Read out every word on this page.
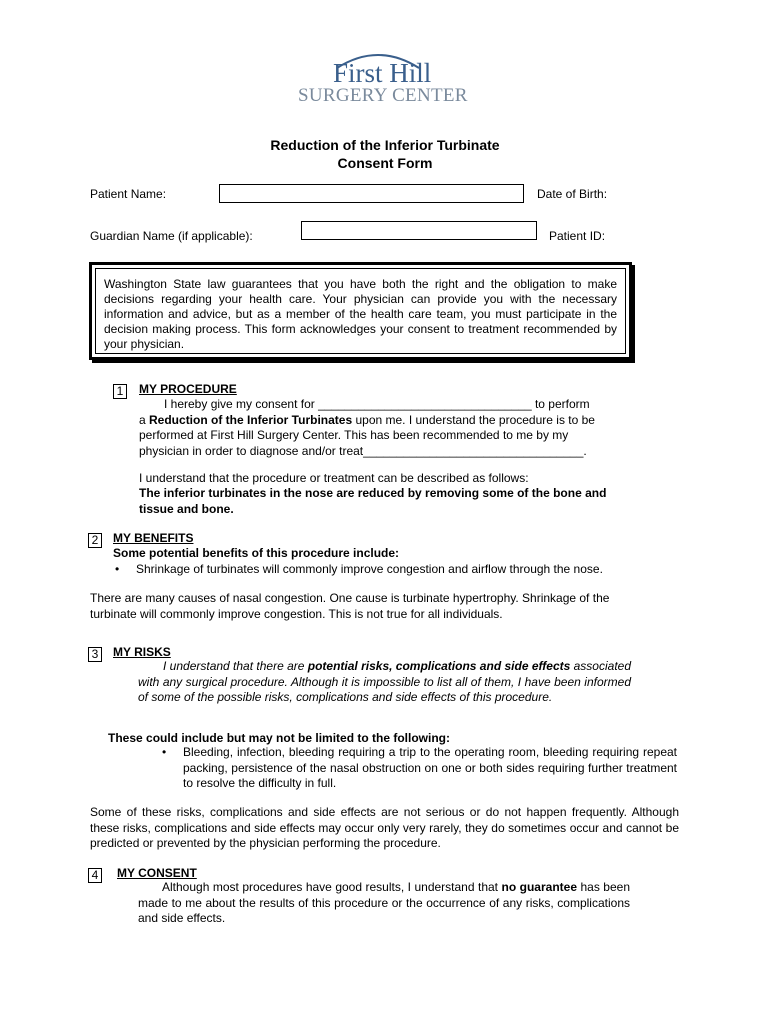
First Hill
SURGERY CENTER
Reduction of the Inferior Turbinate
Consent Form
Patient Name:	Date of Birth:
Guardian Name (if applicable):	Patient ID:
Washington State law guarantees that you have both the right and the obligation to make decisions regarding your health care. Your physician can provide you with the necessary information and advice, but as a member of the health care team, you must participate in the decision making process. This form acknowledges your consent to treatment recommended by your physician.
1	MY PROCEDURE
I hereby give my consent for ________________________________ to perform
a Reduction of the Inferior Turbinates upon me. I understand the procedure is to be
performed at First Hill Surgery Center. This has been recommended to me by my
physician in order to diagnose and/or treat_________________________________.
I understand that the procedure or treatment can be described as follows:
The inferior turbinates in the nose are reduced by removing some of the bone and tissue and bone.
2	MY BENEFITS
Some potential benefits of this procedure include:
• Shrinkage of turbinates will commonly improve congestion and airflow through the nose.
There are many causes of nasal congestion. One cause is turbinate hypertrophy. Shrinkage of the turbinate will commonly improve congestion. This is not true for all individuals.
3	MY RISKS
I understand that there are potential risks, complications and side effects associated with any surgical procedure. Although it is impossible to list all of them, I have been informed of some of the possible risks, complications and side effects of this procedure.
These could include but may not be limited to the following:
• Bleeding, infection, bleeding requiring a trip to the operating room, bleeding requiring repeat packing, persistence of the nasal obstruction on one or both sides requiring further treatment to resolve the difficulty in full.
Some of these risks, complications and side effects are not serious or do not happen frequently. Although these risks, complications and side effects may occur only very rarely, they do sometimes occur and cannot be predicted or prevented by the physician performing the procedure.
4	MY CONSENT
Although most procedures have good results, I understand that no guarantee has been made to me about the results of this procedure or the occurrence of any risks, complications and side effects.
